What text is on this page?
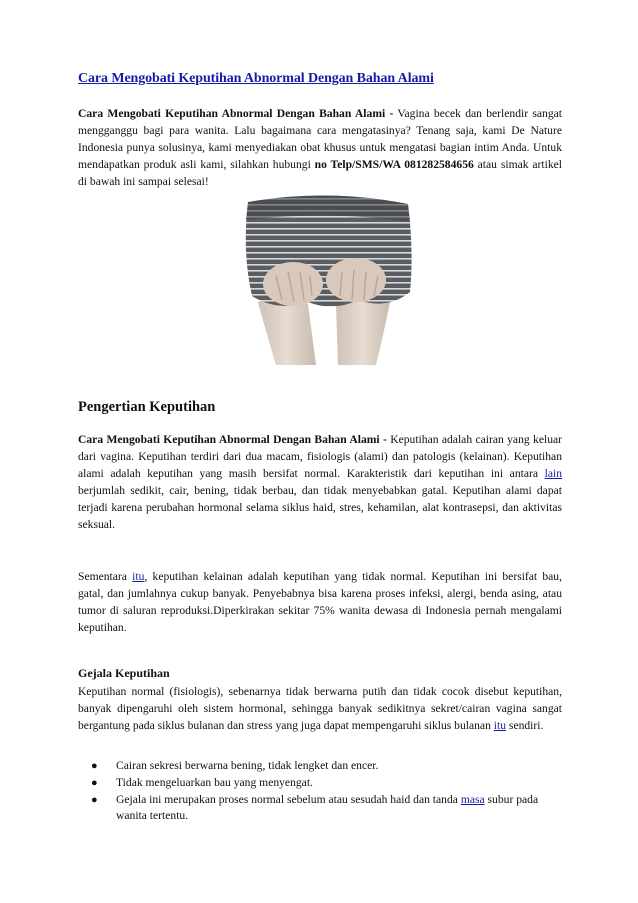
Cara Mengobati Keputihan Abnormal Dengan Bahan Alami
Cara Mengobati Keputihan Abnormal Dengan Bahan Alami - Vagina becek dan berlendir sangat mengganggu bagi para wanita. Lalu bagaimana cara mengatasinya? Tenang saja, kami De Nature Indonesia punya solusinya, kami menyediakan obat khusus untuk mengatasi bagian intim Anda. Untuk mendapatkan produk asli kami, silahkan hubungi no Telp/SMS/WA 081282584656 atau simak artikel di bawah ini sampai selesai!
Pengertian Keputihan
Cara Mengobati Keputihan Abnormal Dengan Bahan Alami - Keputihan adalah cairan yang keluar dari vagina. Keputihan terdiri dari dua macam, fisiologis (alami) dan patologis (kelainan). Keputihan alami adalah keputihan yang masih bersifat normal. Karakteristik dari keputihan ini antara lain berjumlah sedikit, cair, bening, tidak berbau, dan tidak menyebabkan gatal. Keputihan alami dapat terjadi karena perubahan hormonal selama siklus haid, stres, kehamilan, alat kontrasepsi, dan aktivitas seksual.
Sementara itu, keputihan kelainan adalah keputihan yang tidak normal. Keputihan ini bersifat bau, gatal, dan jumlahnya cukup banyak. Penyebabnya bisa karena proses infeksi, alergi, benda asing, atau tumor di saluran reproduksi.Diperkirakan sekitar 75% wanita dewasa di Indonesia pernah mengalami keputihan.
Gejala Keputihan
Keputihan normal (fisiologis), sebenarnya tidak berwarna putih dan tidak cocok disebut keputihan, banyak dipengaruhi oleh sistem hormonal, sehingga banyak sedikitnya sekret/cairan vagina sangat bergantung pada siklus bulanan dan stress yang juga dapat mempengaruhi siklus bulanan itu sendiri.
● Cairan sekresi berwarna bening, tidak lengket dan encer.
● Tidak mengeluarkan bau yang menyengat.
● Gejala ini merupakan proses normal sebelum atau sesudah haid dan tanda masa subur pada wanita tertentu.
